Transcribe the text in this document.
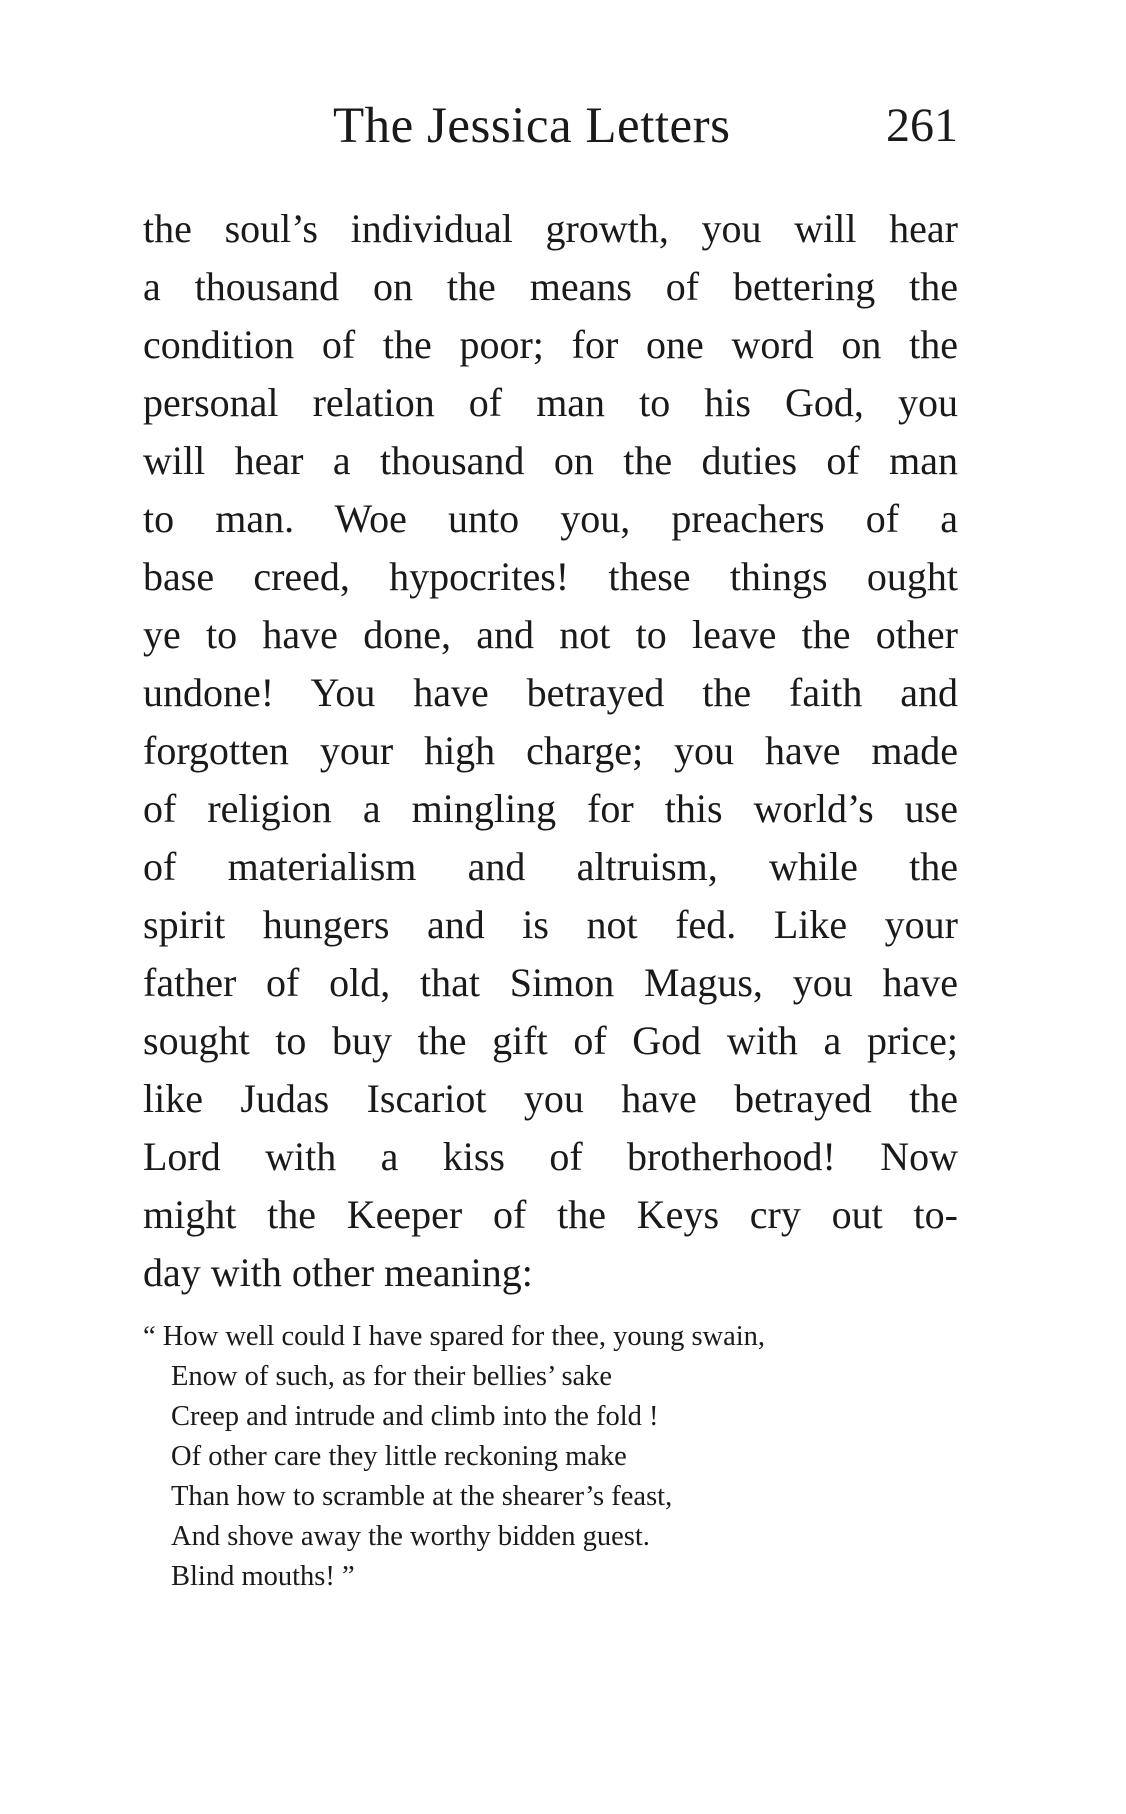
The Jessica Letters	261
the soul’s individual growth, you will hear
a thousand on the means of bettering the
condition of the poor; for one word on the
personal relation of man to his God, you
will hear a thousand on the duties of man
to man. Woe unto you, preachers of a
base creed, hypocrites! these things ought
ye to have done, and not to leave the other
undone! You have betrayed the faith and
forgotten your high charge; you have made
of religion a mingling for this world’s use
of materialism and altruism, while the
spirit hungers and is not fed. Like your
father of old, that Simon Magus, you have
sought to buy the gift of God with a price;
like Judas Iscariot you have betrayed the
Lord with a kiss of brotherhood! Now
might the Keeper of the Keys cry out to-
day with other meaning:
“ How well could I have spared for thee, young swain,
Enow of such, as for their bellies’ sake
Creep and intrude and climb into the fold !
Of other care they little reckoning make
Than how to scramble at the shearer’s feast,
And shove away the worthy bidden guest.
Blind mouths! ”
